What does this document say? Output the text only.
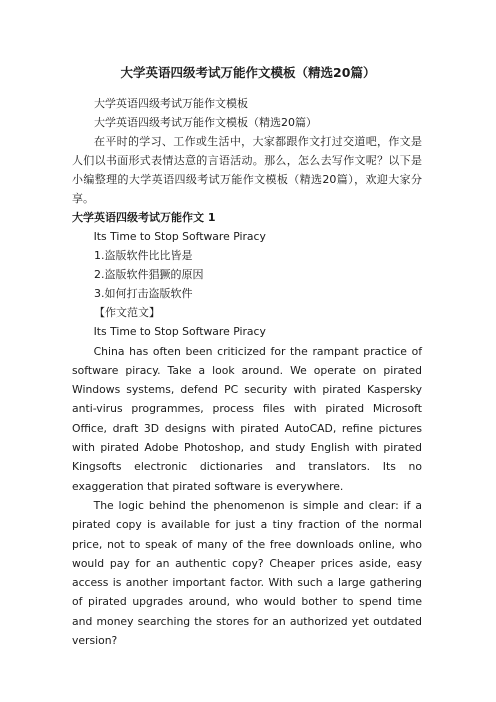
大学英语四级考试万能作文模板（精选20篇）

大学英语四级考试万能作文模板

大学英语四级考试万能作文模板（精选20篇）

在平时的学习、工作或生活中，大家都跟作文打过交道吧，作文是人们以书面形式表情达意的言语活动。那么，怎么去写作文呢？以下是小编整理的大学英语四级考试万能作文模板（精选20篇），欢迎大家分享。

大学英语四级考试万能作文 1

Its Time to Stop Software Piracy

1.盗版软件比比皆是

2.盗版软件猖獗的原因

3.如何打击盗版软件

【作文范文】

Its Time to Stop Software Piracy

China has often been criticized for the rampant practice of software piracy. Take a look around. We operate on pirated Windows systems, defend PC security with pirated Kaspersky anti-virus programmes, process files with pirated Microsoft Office, draft 3D designs with pirated AutoCAD, refine pictures with pirated Adobe Photoshop, and study English with pirated Kingsofts electronic dictionaries and translators. Its no exaggeration that pirated software is everywhere.

The logic behind the phenomenon is simple and clear: if a pirated copy is available for just a tiny fraction of the normal price, not to speak of many of the free downloads online, who would pay for an authentic copy? Cheaper prices aside, easy access is another important factor. With such a large gathering of pirated upgrades around, who would bother to spend time and money searching the stores for an authorized yet outdated version?
